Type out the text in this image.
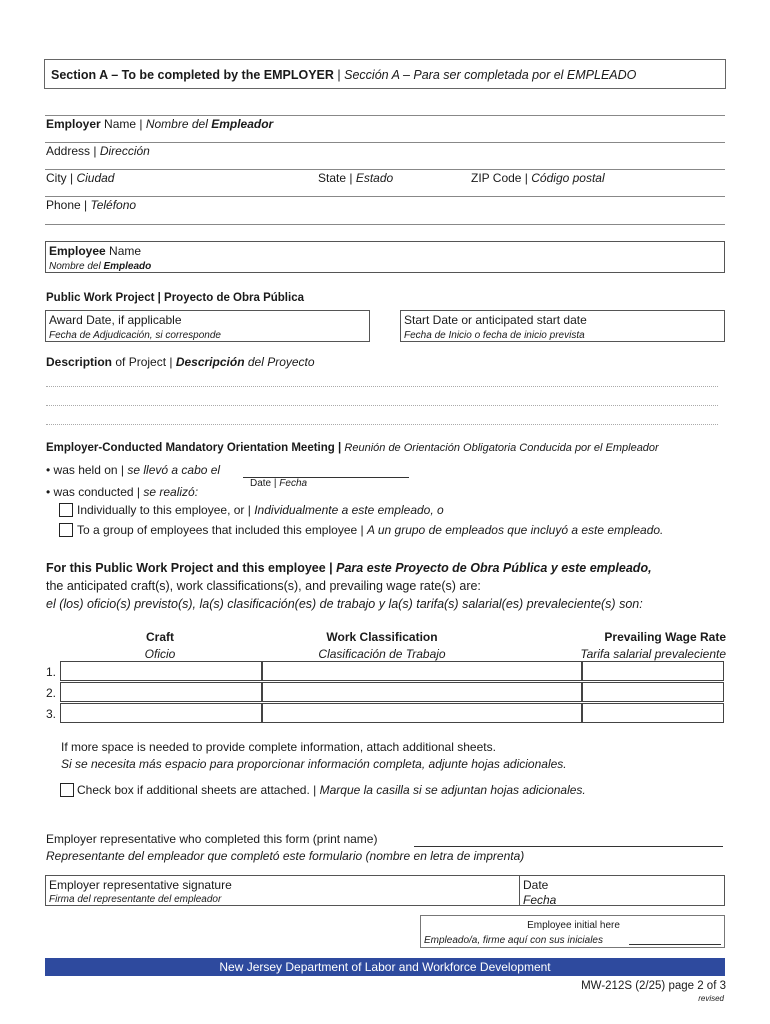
Section A – To be completed by the EMPLOYER | Sección A – Para ser completada por el EMPLEADO
Employer Name | Nombre del Empleador
Address | Dirección
City | Ciudad	State | Estado	ZIP Code | Código postal
Phone | Teléfono
Employee Name
Nombre del Empleado
Public Work Project | Proyecto de Obra Pública
Award Date, if applicable
Fecha de Adjudicación, si corresponde
Start Date or anticipated start date
Fecha de Inicio o fecha de inicio prevista
Description of Project | Descripción del Proyecto
Employer-Conducted Mandatory Orientation Meeting | Reunión de Orientación Obligatoria Conducida por el Empleador
• was held on | se llevó a cabo el
Date | Fecha
• was conducted | se realizó:
Individually to this employee, or | Individualmente a este empleado, o
To a group of employees that included this employee | A un grupo de empleados que incluyó a este empleado.
For this Public Work Project and this employee | Para este Proyecto de Obra Pública y este empleado,
the anticipated craft(s), work classifications(s), and prevailing wage rate(s) are:
el (los) oficio(s) previsto(s), la(s) clasificación(es) de trabajo y la(s) tarifa(s) salarial(es) prevaleciente(s) son:
Craft
Oficio
Work Classification
Clasificación de Trabajo
Prevailing Wage Rate
Tarifa salarial prevaleciente
1.
2.
3.
If more space is needed to provide complete information, attach additional sheets.
Si se necesita más espacio para proporcionar información completa, adjunte hojas adicionales.
Check box if additional sheets are attached. | Marque la casilla si se adjuntan hojas adicionales.
Employer representative who completed this form (print name)
Representante del empleador que completó este formulario (nombre en letra de imprenta)
Employer representative signature
Firma del representante del empleador
Date
Fecha
Employee initial here
Empleado/a, firme aquí con sus iniciales
New Jersey Department of Labor and Workforce Development
MW-212S (2/25) page 2 of 3
revised
